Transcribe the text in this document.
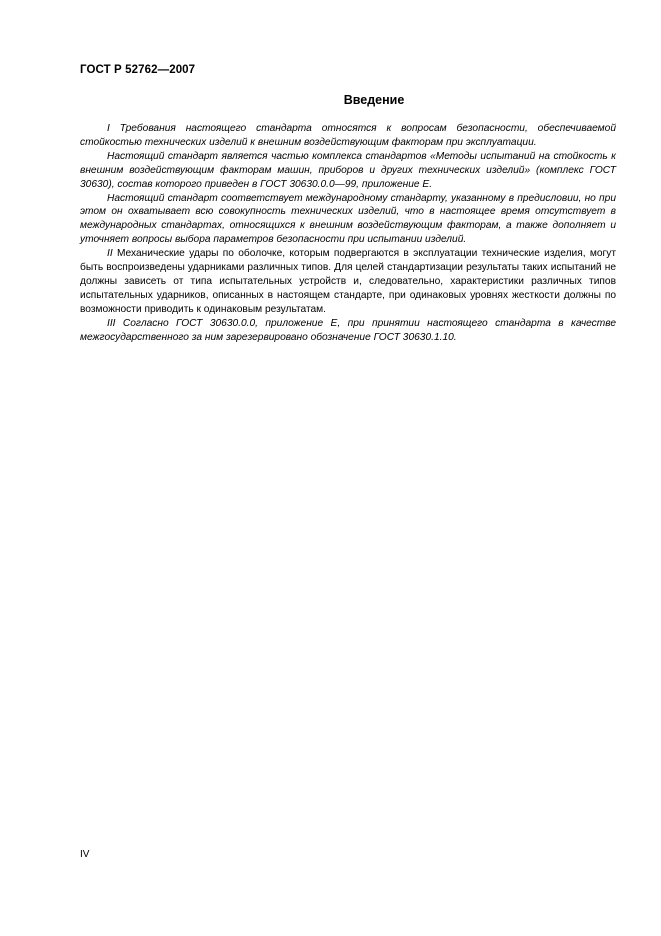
ГОСТ Р 52762—2007
Введение

I Требования настоящего стандарта относятся к вопросам безопасности, обеспечиваемой стойкостью технических изделий к внешним воздействующим факторам при эксплуатации.

Настоящий стандарт является частью комплекса стандартов «Методы испытаний на стойкость к внешним воздействующим факторам машин, приборов и других технических изделий» (комплекс ГОСТ 30630), состав которого приведен в ГОСТ 30630.0.0—99, приложение Е.

Настоящий стандарт соответствует международному стандарту, указанному в предисловии, но при этом он охватывает всю совокупность технических изделий, что в настоящее время отсутствует в международных стандартах, относящихся к внешним воздействующим факторам, а также дополняет и уточняет вопросы выбора параметров безопасности при испытании изделий.

II Механические удары по оболочке, которым подвергаются в эксплуатации технические изделия, могут быть воспроизведены ударниками различных типов. Для целей стандартизации результаты таких испытаний не должны зависеть от типа испытательных устройств и, следовательно, характеристики различных типов испытательных ударников, описанных в настоящем стандарте, при одинаковых уровнях жесткости должны по возможности приводить к одинаковым результатам.

III Согласно ГОСТ 30630.0.0, приложение Е, при принятии настоящего стандарта в качестве межгосударственного за ним зарезервировано обозначение ГОСТ 30630.1.10.

IV
